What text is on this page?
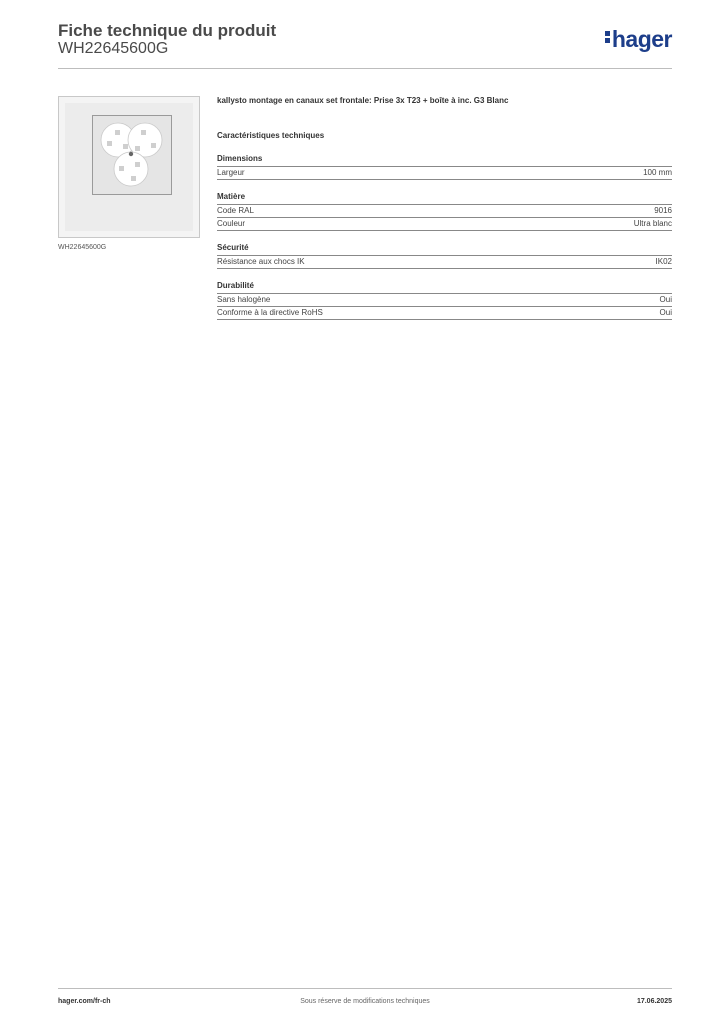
Fiche technique du produit
WH22645600G	hager
WH22645600G
kallysto montage en canaux set frontale: Prise 3x T23 + boîte à inc. G3 Blanc
Caractéristiques techniques
Dimensions
Largeur	100 mm
Matière
Code RAL	9016
Couleur	Ultra blanc
Sécurité
Résistance aux chocs IK	IK02
Durabilité
Sans halogène	Oui
Conforme à la directive RoHS	Oui
hager.com/fr-ch	Sous réserve de modifications techniques	17.06.2025
